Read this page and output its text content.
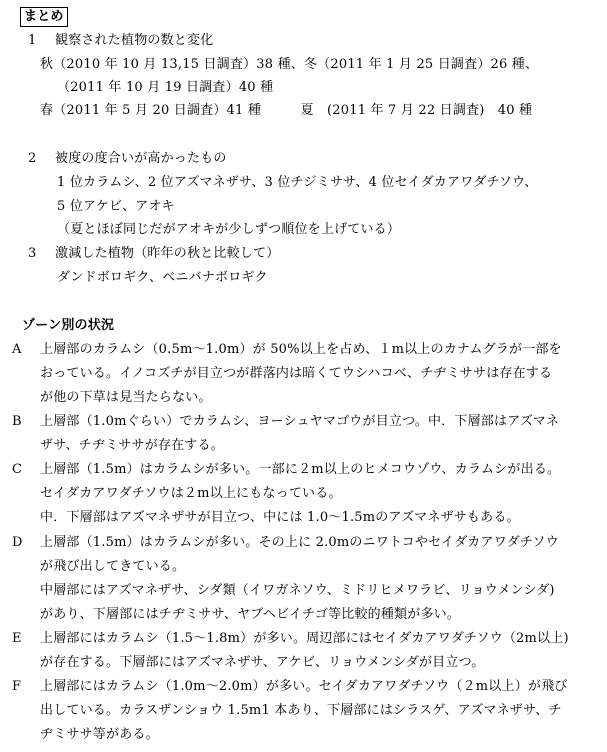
まとめ
1 観察された植物の数と変化
秋（2010 年 10 月 13,15 日調査）38 種、冬（2011 年 1 月 25 日調査）26 種、
（2011 年 10 月 19 日調査）40 種
春（2011 年 5 月 20 日調査）41 種　　　夏　(2011 年 7 月 22 日調査)　40 種
2 被度の度合いが高かったもの
1 位カラムシ、2 位アズマネザサ、3 位チジミササ、4 位セイダカアワダチソウ、
5 位アケビ、アオキ
（夏とほぼ同じだがアオキが少しずつ順位を上げている）
3 激減した植物（昨年の秋と比較して）
ダンドボロギク、ベニバナボロギク
ゾーン別の状況
A 上層部のカラムシ（0.5m～1.0m）が 50%以上を占め、１m以上のカナムグラが一部を
おっている。イノコズチが目立つが群落内は暗くてウシハコベ、チヂミササは存在する
が他の下草は見当たらない。
B 上層部（1.0mぐらい）でカラムシ、ヨーシュヤマゴウが目立つ。中．下層部はアズマネ
ザサ、チヂミササが存在する。
C 上層部（1.5m）はカラムシが多い。一部に２m以上のヒメコウゾウ、カラムシが出る。
セイダカアワダチソウは２m以上にもなっている。
中．下層部はアズマネザサが目立つ、中には 1.0～1.5mのアズマネザサもある。
D 上層部（1.5m）はカラムシが多い。その上に 2.0mのニワトコやセイダカアワダチソウ
が飛び出してきている。
中層部にはアズマネザサ、シダ類（イワガネソウ、ミドリヒメワラビ、リョウメンシダ)
があり、下層部にはチヂミササ、ヤブヘビイチゴ等比較的種類が多い。
E 上層部にはカラムシ（1.5～1.8m）が多い。周辺部にはセイダカアワダチソウ（2m以上)
が存在する。下層部にはアズマネザサ、アケビ、リョウメンシダが目立つ。
F 上層部にはカラムシ（1.0m～2.0m）が多い。セイダカアワダチソウ（２m以上）が飛び
出している。カラスザンショウ 1.5m1 本あり、下層部にはシラスゲ、アズマネザサ、チ
ヂミササ等がある。
